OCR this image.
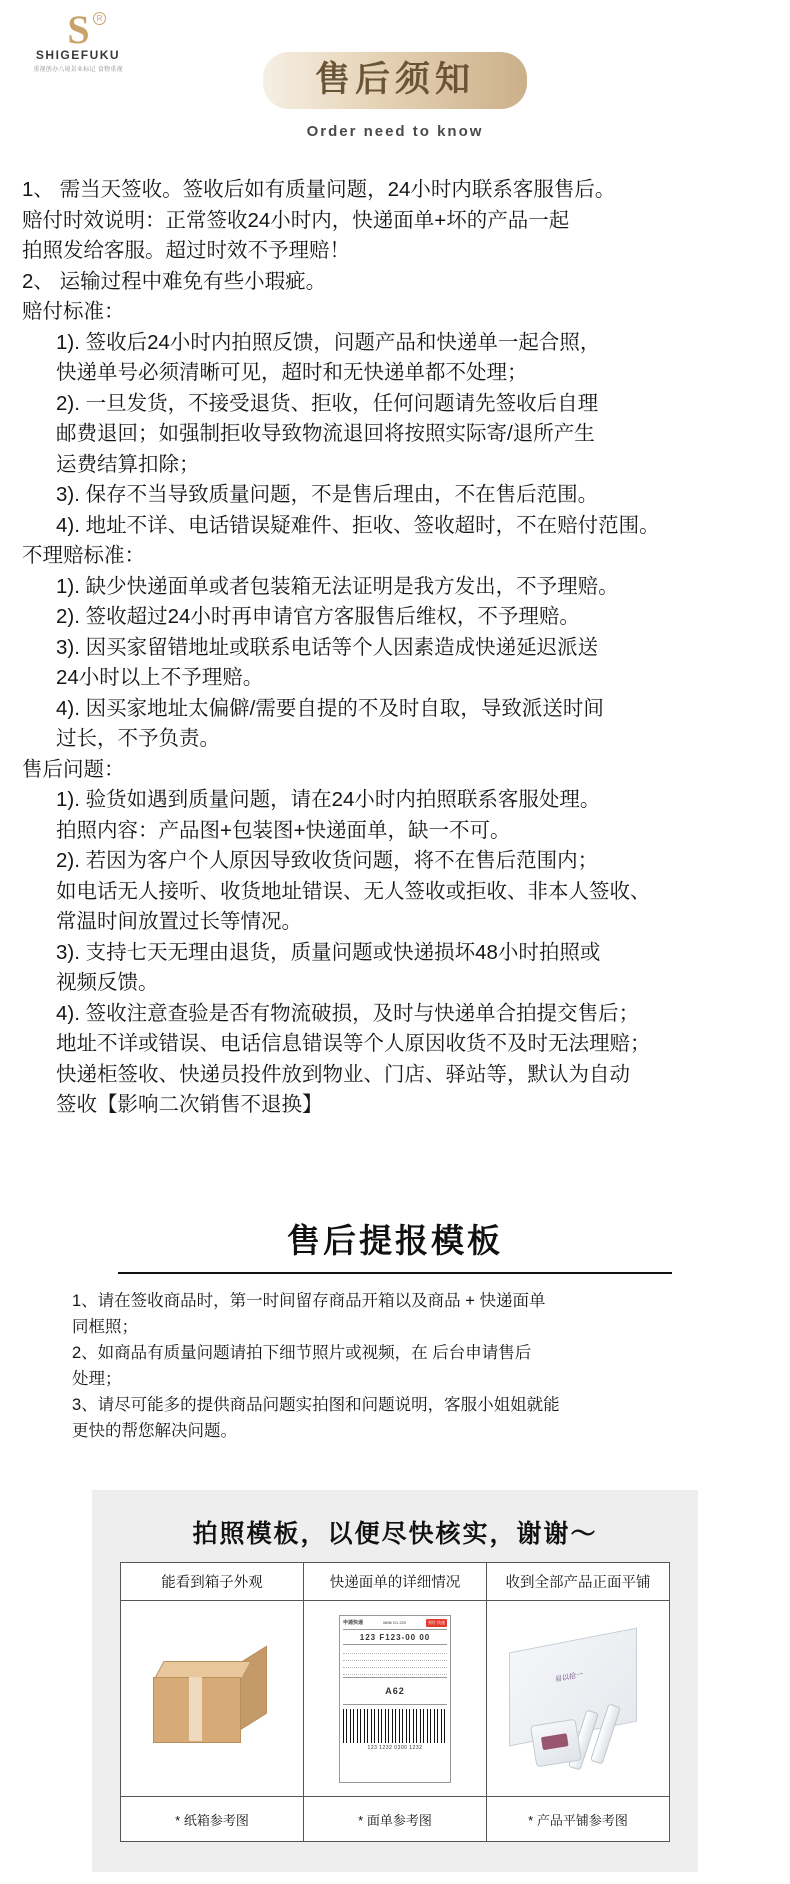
S R
SHIGEFUKU
重视创办八境景业标记 食物重视	售后须知
Order need to know

1、 需当天签收。签收后如有质量问题，24小时内联系客服售后。

赔付时效说明：正常签收24小时内，快递面单+坏的产品一起

拍照发给客服。超过时效不予理赔！

2、 运输过程中难免有些小瑕疵。

赔付标准：

1). 签收后24小时内拍照反馈，问题产品和快递单一起合照，

快递单号必须清晰可见，超时和无快递单都不处理；

2). 一旦发货，不接受退货、拒收，任何问题请先签收后自理

邮费退回；如强制拒收导致物流退回将按照实际寄/退所产生

运费结算扣除；

3). 保存不当导致质量问题，不是售后理由，不在售后范围。

4). 地址不详、电话错误疑难件、拒收、签收超时，不在赔付范围。

不理赔标准：

1). 缺少快递面单或者包装箱无法证明是我方发出，不予理赔。

2). 签收超过24小时再申请官方客服售后维权，不予理赔。

3). 因买家留错地址或联系电话等个人因素造成快递延迟派送

24小时以上不予理赔。

4). 因买家地址太偏僻/需要自提的不及时自取，导致派送时间

过长，不予负责。

售后问题：

1). 验货如遇到质量问题，请在24小时内拍照联系客服处理。

拍照内容：产品图+包装图+快递面单，缺一不可。

2). 若因为客户个人原因导致收货问题，将不在售后范围内；

如电话无人接听、收货地址错误、无人签收或拒收、非本人签收、

常温时间放置过长等情况。

3). 支持七天无理由退货，质量问题或快递损坏48小时拍照或

视频反馈。

4). 签收注意查验是否有物流破损，及时与快递单合拍提交售后；

地址不详或错误、电话信息错误等个人原因收货不及时无法理赔；

快递柜签收、快递员投件放到物业、门店、驿站等，默认为自动

签收【影响二次销售不退换】

售后提报模板

1、请在签收商品时，第一时间留存商品开箱以及商品 + 快递面单

同框照；

2、如商品有质量问题请拍下细节照片或视频，在 后台申请售后

处理；

3、请尽可能多的提供商品问题实拍图和问题说明，客服小姐姐就能

更快的帮您解决问题。

拍照模板，以便尽快核实，谢谢～
能看到箱子外观	快递面单的详细情况	收到全部产品正面平铺
申通快递	0896 G1 220	到付 快递
123 F123-00 00
A62
123 1232 0300 1232
易以抢一
* 纸箱参考图	* 面单参考图	* 产品平铺参考图
